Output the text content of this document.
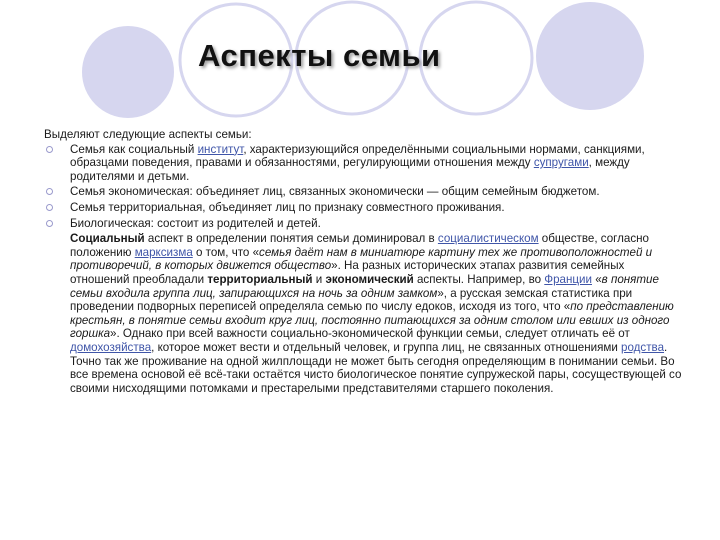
Аспекты семьи
Выделяют следующие аспекты семьи:
Семья как социальный институт, характеризующийся определёнными социальными нормами, санкциями, образцами поведения, правами и обязанностями, регулирующими отношения между супругами, между родителями и детьми.
Семья экономическая: объединяет лиц, связанных экономически — общим семейным бюджетом.
Семья территориальная, объединяет лиц по признаку совместного проживания.
Биологическая: состоит из родителей и детей.
Социальный аспект в определении понятия семьи доминировал в социалистическом обществе, согласно положению марксизма о том, что «семья даёт нам в миниатюре картину тех же противоположностей и противоречий, в которых движется общество». На разных исторических этапах развития семейных отношений преобладали территориальный и экономический аспекты. Например, во Франции «в понятие семьи входила группа лиц, запирающихся на ночь за одним замком», а русская земская статистика при проведении подворных переписей определяла семью по числу едоков, исходя из того, что «по представлению крестьян, в понятие семьи входит круг лиц, постоянно питающихся за одним столом или евших из одного горшка». Однако при всей важности социально-экономической функции семьи, следует отличать её от домохозяйства, которое может вести и отдельный человек, и группа лиц, не связанных отношениями родства. Точно так же проживание на одной жилплощади не может быть сегодня определяющим в понимании семьи. Во все времена основой её всё-таки остаётся чисто биологическое понятие супружеской пары, сосуществующей со своими нисходящими потомками и престарелыми представителями старшего поколения.
